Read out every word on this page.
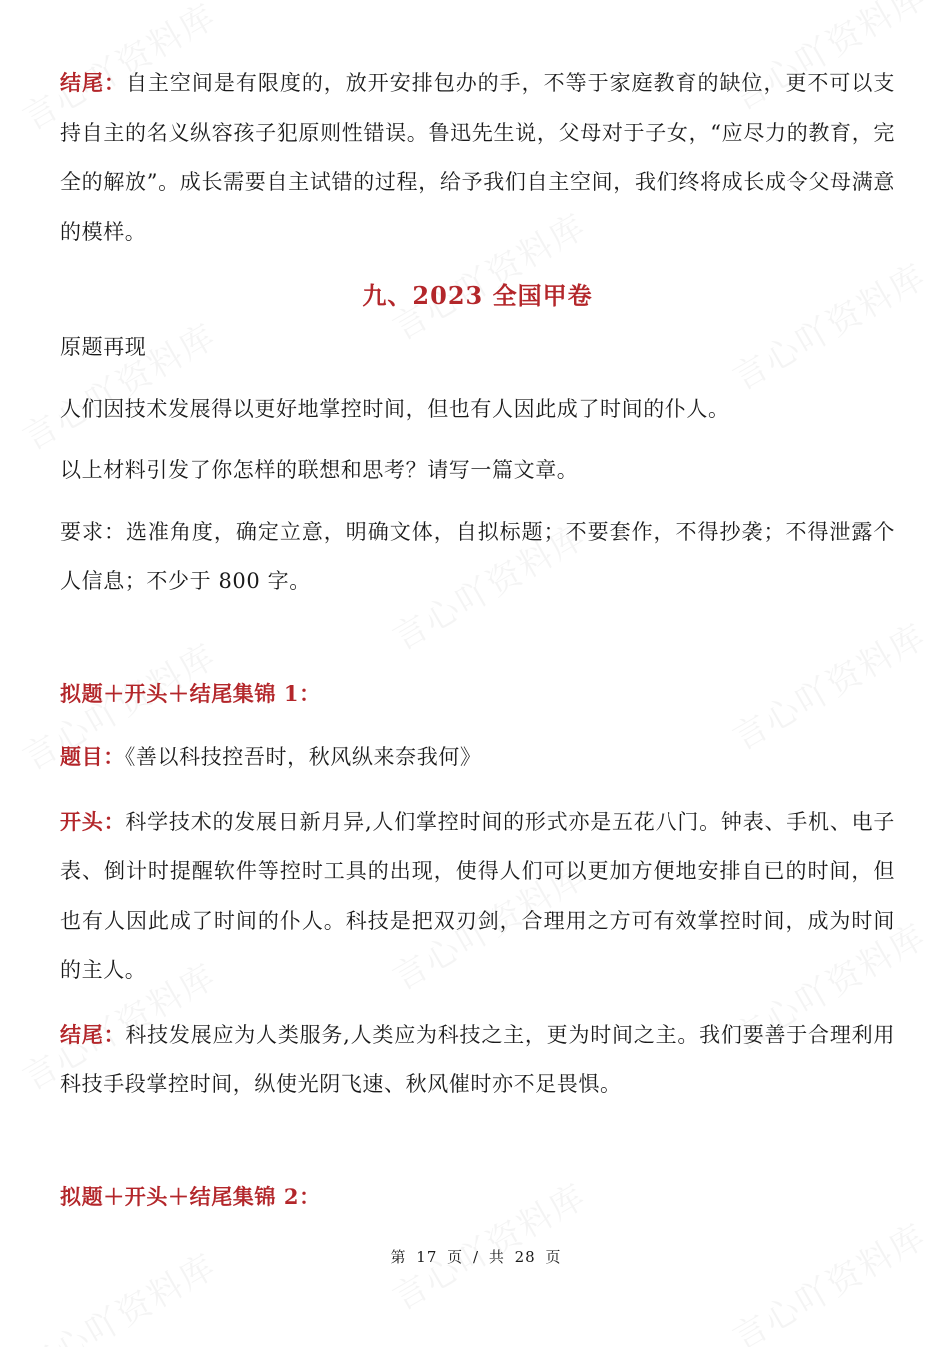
结尾：自主空间是有限度的，放开安排包办的手，不等于家庭教育的缺位，更不可以支持自主的名义纵容孩子犯原则性错误。鲁迅先生说，父母对于子女，“应尽力的教育，完全的解放”。成长需要自主试错的过程，给予我们自主空间，我们终将成长成令父母满意的模样。

九、2023 全国甲卷

原题再现

人们因技术发展得以更好地掌控时间，但也有人因此成了时间的仆人。

以上材料引发了你怎样的联想和思考？请写一篇文章。

要求：选准角度，确定立意，明确文体，自拟标题；不要套作，不得抄袭；不得泄露个人信息；不少于 800 字。

拟题＋开头＋结尾集锦 1：

题目：《善以科技控吾时，秋风纵来奈我何》

开头：科学技术的发展日新月异,人们掌控时间的形式亦是五花八门。钟表、手机、电子表、倒计时提醒软件等控时工具的出现，使得人们可以更加方便地安排自已的时间，但也有人因此成了时间的仆人。科技是把双刃剑，合理用之方可有效掌控时间，成为时间的主人。

结尾：科技发展应为人类服务,人类应为科技之主，更为时间之主。我们要善于合理利用科技手段掌控时间，纵使光阴飞速、秋风催时亦不足畏惧。

拟题＋开头＋结尾集锦 2：

第 17 页 / 共 28 页
